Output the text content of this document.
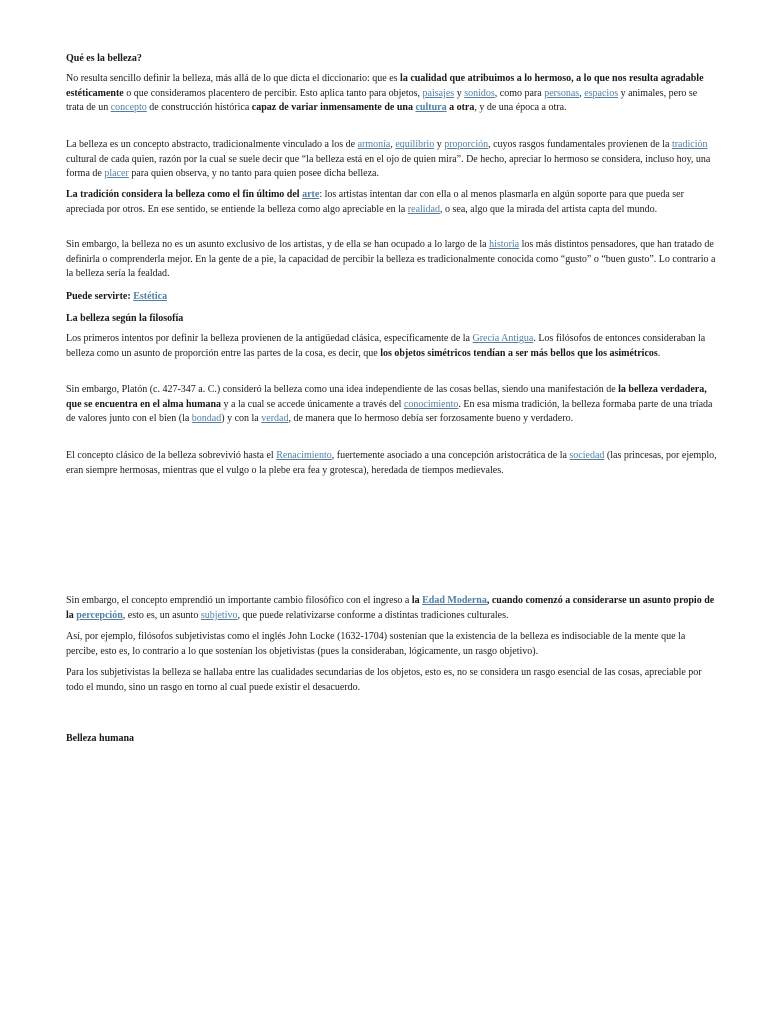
Qué es la belleza?

No resulta sencillo definir la belleza, más allá de lo que dicta el diccionario: que es la cualidad que atribuimos a lo hermoso, a lo que nos resulta agradable estéticamente o que consideramos placentero de percibir. Esto aplica tanto para objetos, paisajes y sonidos, como para personas, espacios y animales, pero se trata de un concepto de construcción histórica capaz de variar inmensamente de una cultura a otra, y de una época a otra.

La belleza es un concepto abstracto, tradicionalmente vinculado a los de armonía, equilibrio y proporción, cuyos rasgos fundamentales provienen de la tradición cultural de cada quien, razón por la cual se suele decir que “la belleza está en el ojo de quien mira”. De hecho, apreciar lo hermoso se considera, incluso hoy, una forma de placer para quien observa, y no tanto para quien posee dicha belleza.

La tradición considera la belleza como el fin último del arte: los artistas intentan dar con ella o al menos plasmarla en algún soporte para que pueda ser apreciada por otros. En ese sentido, se entiende la belleza como algo apreciable en la realidad, o sea, algo que la mirada del artista capta del mundo.

Sin embargo, la belleza no es un asunto exclusivo de los artistas, y de ella se han ocupado a lo largo de la historia los más distintos pensadores, que han tratado de definirla o comprenderla mejor. En la gente de a pie, la capacidad de percibir la belleza es tradicionalmente conocida como “gusto” o “buen gusto”. Lo contrario a la belleza sería la fealdad.

Puede servirte: Estética

La belleza según la filosofía

Los primeros intentos por definir la belleza provienen de la antigüedad clásica, específicamente de la Grecia Antigua. Los filósofos de entonces consideraban la belleza como un asunto de proporción entre las partes de la cosa, es decir, que los objetos simétricos tendían a ser más bellos que los asimétricos.

Sin embargo, Platón (c. 427-347 a. C.) consideró la belleza como una idea independiente de las cosas bellas, siendo una manifestación de la belleza verdadera, que se encuentra en el alma humana y a la cual se accede únicamente a través del conocimiento. En esa misma tradición, la belleza formaba parte de una tríada de valores junto con el bien (la bondad) y con la verdad, de manera que lo hermoso debía ser forzosamente bueno y verdadero.

El concepto clásico de la belleza sobrevivió hasta el Renacimiento, fuertemente asociado a una concepción aristocrática de la sociedad (las princesas, por ejemplo, eran siempre hermosas, mientras que el vulgo o la plebe era fea y grotesca), heredada de tiempos medievales.

Sin embargo, el concepto emprendió un importante cambio filosófico con el ingreso a la Edad Moderna, cuando comenzó a considerarse un asunto propio de la percepción, esto es, un asunto subjetivo, que puede relativizarse conforme a distintas tradiciones culturales.

Así, por ejemplo, filósofos subjetivistas como el inglés John Locke (1632-1704) sostenían que la existencia de la belleza es indisociable de la mente que la percibe, esto es, lo contrario a lo que sostenían los objetivistas (pues la consideraban, lógicamente, un rasgo objetivo).

Para los subjetivistas la belleza se hallaba entre las cualidades secundarias de los objetos, esto es, no se considera un rasgo esencial de las cosas, apreciable por todo el mundo, sino un rasgo en torno al cual puede existir el desacuerdo.

Belleza humana
